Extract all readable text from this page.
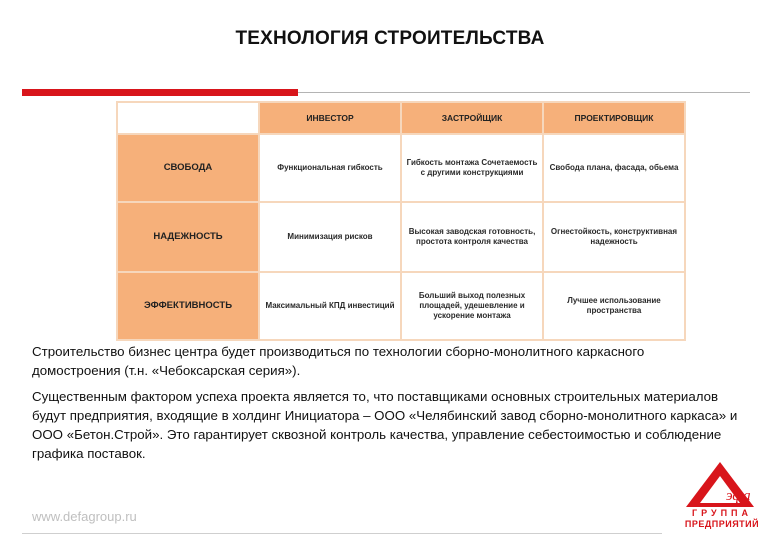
ТЕХНОЛОГИЯ СТРОИТЕЛЬСТВА
	ИНВЕСТОР	ЗАСТРОЙЩИК	ПРОЕКТИРОВЩИК
СВОБОДА	Функциональная гибкость	Гибкость монтажа Сочетаемость с другими конструкциями	Свобода плана, фасада, обьема
НАДЕЖНОСТЬ	Минимизация рисков	Высокая заводская готовность, простота контроля качества	Огнестойкость, конструктивная надежность
ЭФФЕКТИВНОСТЬ	Максимальный КПД инвестиций	Больший выход полезных площадей, удешевление и ускорение монтажа	Лучшее использование пространства

Строительство бизнес центра будет производиться по технологии сборно-монолитного каркасного домостроения (т.н. «Чебоксарская серия»).

Существенным фактором успеха проекта является то, что поставщиками основных строительных материалов будут предприятия, входящие в холдинг Инициатора – ООО «Челябинский завод сборно-монолитного каркаса» и ООО «Бетон.Строй». Это гарантирует сквозной контроль качества, управление себестоимостью и соблюдение графика поставок.

www.defagroup.ru
эфа
ГРУППА
ПРЕДПРИЯТИЙ
